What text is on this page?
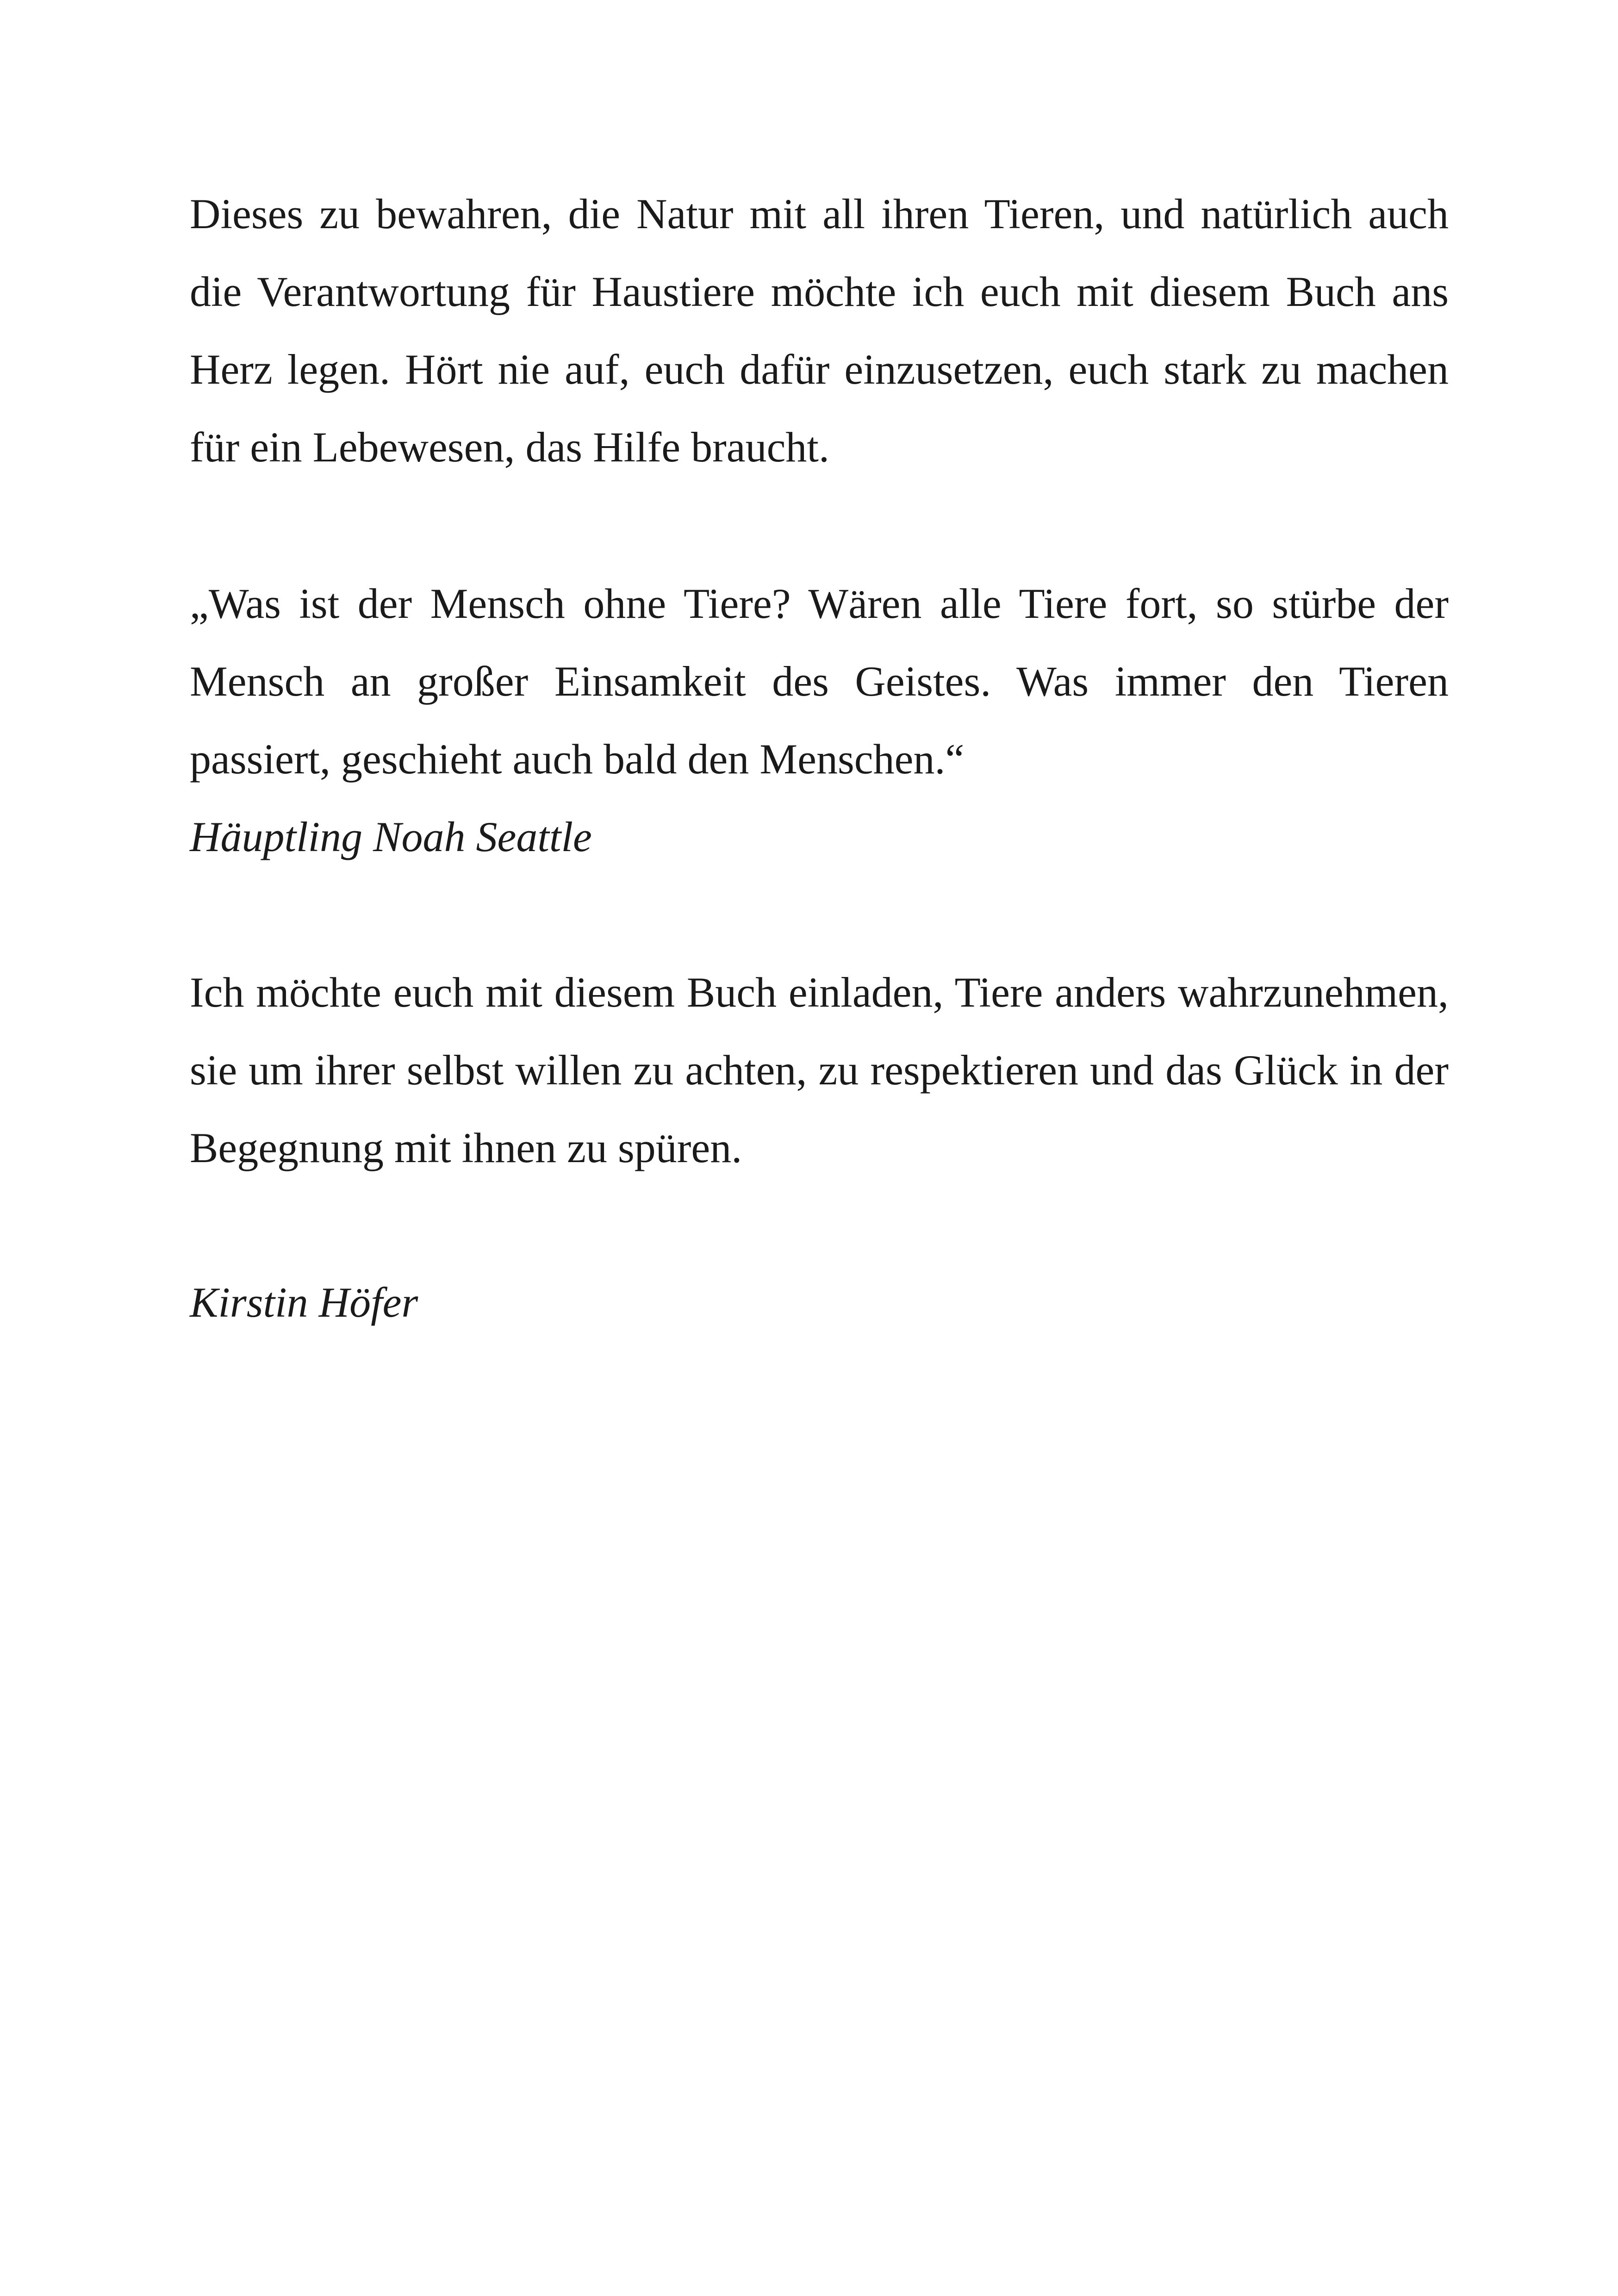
Dieses zu bewahren, die Natur mit all ihren Tieren, und natürlich auch die Verantwortung für Haustiere möchte ich euch mit diesem Buch ans Herz legen. Hört nie auf, euch dafür einzusetzen, euch stark zu machen für ein Lebewesen, das Hilfe braucht.

„Was ist der Mensch ohne Tiere? Wären alle Tiere fort, so stürbe der Mensch an großer Einsamkeit des Geistes. Was immer den Tieren passiert, geschieht auch bald den Menschen.“
Häuptling Noah Seattle

Ich möchte euch mit diesem Buch einladen, Tiere anders wahrzunehmen, sie um ihrer selbst willen zu achten, zu respektieren und das Glück in der Begegnung mit ihnen zu spüren.

Kirstin Höfer
